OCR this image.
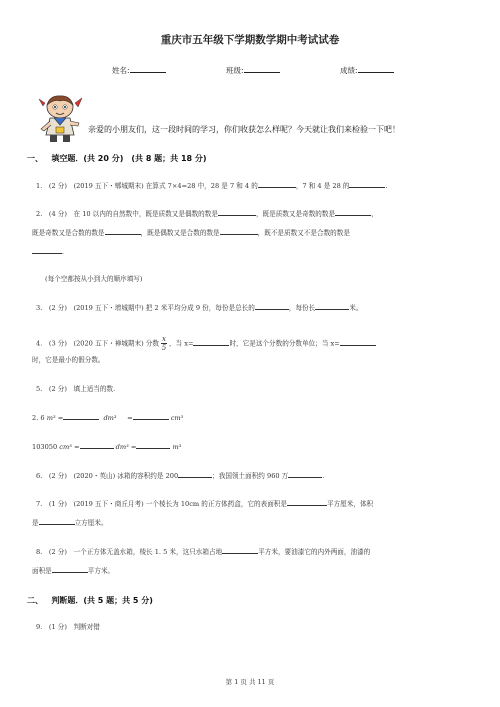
重庆市五年级下学期数学期中考试试卷
姓名:	班级:	成绩:
亲爱的小朋友们，这一段时间的学习，你们收获怎么样呢？今天就让我们来检验一下吧！
一、 填空题．(共 20 分)　(共 8 题；共 18 分)
1.　(2 分)　(2019 五下・郫城期末) 在算式 7×4=28 中，28 是 7 和 4 的	，7 和 4 是 28 的	.
2.　(4 分)　在 10 以内的自然数中，既是质数又是偶数的数是	，既是质数又是奇数的数是	，
既是奇数又是合数的数是	，既是偶数又是合数的数是	，既不是质数又不是合数的数是
.
(每个空都按从小到大的顺序填写)
3.　(2 分)　(2019 五下・增城期中) 把 2 米平均分成 9 份，每份是总长的	，每份长	米。
4.　(3 分)　(2020 五下・禅城期末) 分数 $\frac{x}{5}$ ，当 x=	时，它是这个分数的分数单位；当 x=
时，它是最小的假分数。
5.　(2 分)　填上适当的数.
2. 6 m³ =	dm³ =	cm³
103050 cm³ =	dm³ =	m³
6.　(2 分)　(2020・英山) 冰箱的容积约是 200	；我国领土面积约 960 万	.
7.　(1 分)　(2019 五下・商丘月考) 一个棱长为 10cm 的正方体药盒，它的表面积是	平方厘米，体积
是	立方厘米。
8.　(2 分)　一个正方体无盖水箱，棱长 1. 5 米，这只水箱占地	平方米，要油漆它的内外两面，油漆的
面积是	平方米。
二、 判断题．(共 5 题；共 5 分)
9.　(1 分)　判断对错
第 1 页 共 11 页
